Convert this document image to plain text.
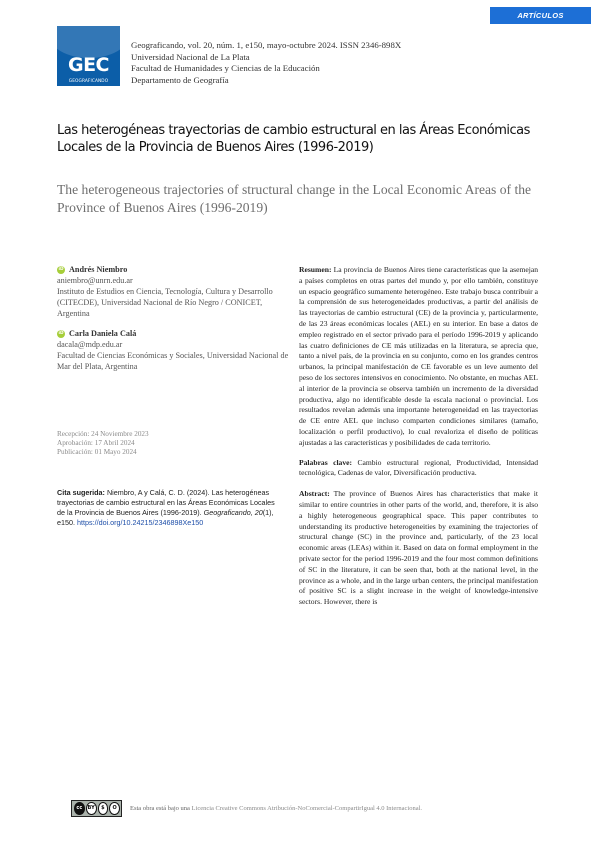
ARTÍCULOS
GEC
GEOGRAFICANDO
Geograficando, vol. 20, núm. 1, e150, mayo-octubre 2024. ISSN 2346-898X
Universidad Nacional de La Plata
Facultad de Humanidades y Ciencias de la Educación
Departamento de Geografía
Las heterogéneas trayectorias de cambio estructural en las Áreas Económicas Locales de la Provincia de Buenos Aires (1996-2019)
The heterogeneous trajectories of structural change in the Local Economic Areas of the Province of Buenos Aires (1996-2019)
iD Andrés Niembro
aniembro@unrn.edu.ar
Instituto de Estudios en Ciencia, Tecnología, Cultura y Desarrollo (CITECDE), Universidad Nacional de Río Negro / CONICET, Argentina
iD Carla Daniela Calá
dacala@mdp.edu.ar
Facultad de Ciencias Económicas y Sociales, Universidad Nacional de Mar del Plata, Argentina
Recepción: 24 Noviembre 2023
Aprobación: 17 Abril 2024
Publicación: 01 Mayo 2024
Cita sugerida: Niembro, A y Calá, C. D. (2024). Las heterogéneas trayectorias de cambio estructural en las Áreas Económicas Locales de la Provincia de Buenos Aires (1996-2019). Geograficando, 20(1), e150. https://doi.org/10.24215/2346898Xe150

Resumen: La provincia de Buenos Aires tiene características que la asemejan a países completos en otras partes del mundo y, por ello también, constituye un espacio geográfico sumamente heterogéneo. Este trabajo busca contribuir a la comprensión de sus heterogeneidades productivas, a partir del análisis de las trayectorias de cambio estructural (CE) de la provincia y, particularmente, de las 23 áreas económicas locales (AEL) en su interior. En base a datos de empleo registrado en el sector privado para el período 1996-2019 y aplicando las cuatro definiciones de CE más utilizadas en la literatura, se aprecia que, tanto a nivel país, de la provincia en su conjunto, como en los grandes centros urbanos, la principal manifestación de CE favorable es un leve aumento del peso de los sectores intensivos en conocimiento. No obstante, en muchas AEL al interior de la provincia se observa también un incremento de la diversidad productiva, algo no identificable desde la escala nacional o provincial. Los resultados revelan además una importante heterogeneidad en las trayectorias de CE entre AEL que incluso comparten condiciones similares (tamaño, localización o perfil productivo), lo cual revaloriza el diseño de políticas ajustadas a las características y posibilidades de cada territorio.

Palabras clave: Cambio estructural regional, Productividad, Intensidad tecnológica, Cadenas de valor, Diversificación productiva.

Abstract: The province of Buenos Aires has characteristics that make it similar to entire countries in other parts of the world, and, therefore, it is also a highly heterogeneous geographical space. This paper contributes to understanding its productive heterogeneities by examining the trajectories of structural change (SC) in the province and, particularly, of the 23 local economic areas (LEAs) within it. Based on data on formal employment in the private sector for the period 1996-2019 and the four most common definitions of SC in the literature, it can be seen that, both at the national level, in the province as a whole, and in the large urban centers, the principal manifestation of positive SC is a slight increase in the weight of knowledge-intensive sectors. However, there is

cc	BY	$	O	Esta obra está bajo una Licencia Creative Commons Atribución-NoComercial-CompartirIgual 4.0 Internacional.
